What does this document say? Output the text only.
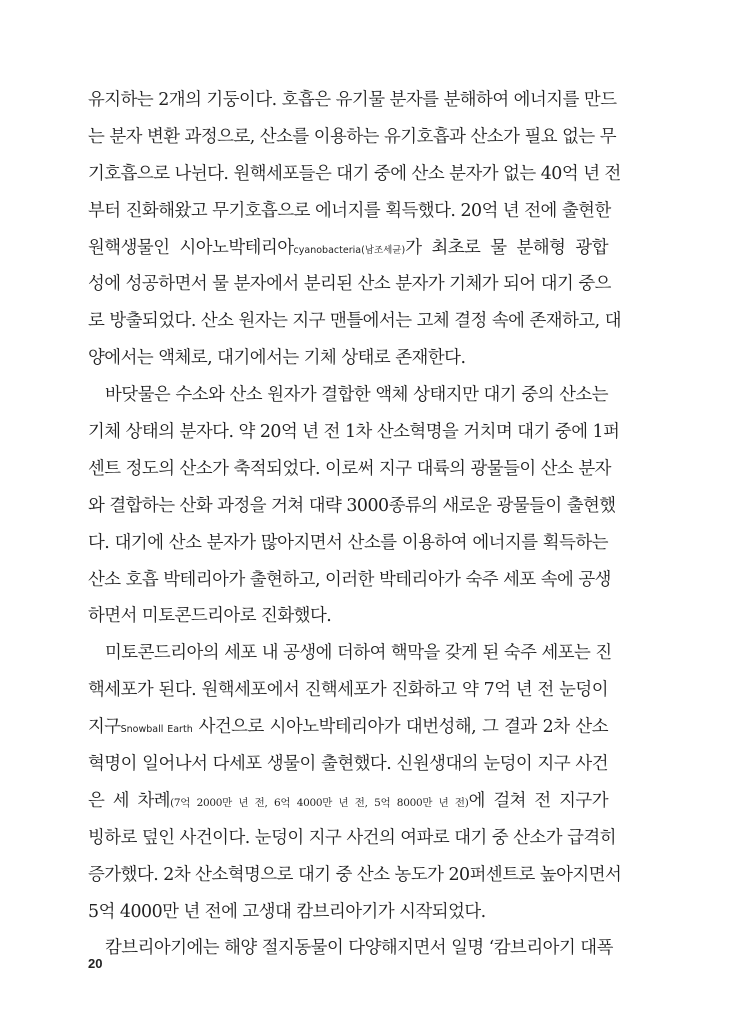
유지하는 2개의 기둥이다. 호흡은 유기물 분자를 분해하여 에너지를 만드
는 분자 변환 과정으로, 산소를 이용하는 유기호흡과 산소가 필요 없는 무
기호흡으로 나뉜다. 원핵세포들은 대기 중에 산소 분자가 없는 40억 년 전
부터 진화해왔고 무기호흡으로 에너지를 획득했다. 20억 년 전에 출현한
원핵생물인 시아노박테리아cyanobacteria(남조세균)가 최초로 물 분해형 광합
성에 성공하면서 물 분자에서 분리된 산소 분자가 기체가 되어 대기 중으
로 방출되었다. 산소 원자는 지구 맨틀에서는 고체 결정 속에 존재하고, 대
양에서는 액체로, 대기에서는 기체 상태로 존재한다.
바닷물은 수소와 산소 원자가 결합한 액체 상태지만 대기 중의 산소는
기체 상태의 분자다. 약 20억 년 전 1차 산소혁명을 거치며 대기 중에 1퍼
센트 정도의 산소가 축적되었다. 이로써 지구 대륙의 광물들이 산소 분자
와 결합하는 산화 과정을 거쳐 대략 3000종류의 새로운 광물들이 출현했
다. 대기에 산소 분자가 많아지면서 산소를 이용하여 에너지를 획득하는
산소 호흡 박테리아가 출현하고, 이러한 박테리아가 숙주 세포 속에 공생
하면서 미토콘드리아로 진화했다.
미토콘드리아의 세포 내 공생에 더하여 핵막을 갖게 된 숙주 세포는 진
핵세포가 된다. 원핵세포에서 진핵세포가 진화하고 약 7억 년 전 눈덩이
지구Snowball Earth 사건으로 시아노박테리아가 대번성해, 그 결과 2차 산소
혁명이 일어나서 다세포 생물이 출현했다. 신원생대의 눈덩이 지구 사건
은 세 차례(7억 2000만 년 전, 6억 4000만 년 전, 5억 8000만 년 전)에 걸쳐 전 지구가
빙하로 덮인 사건이다. 눈덩이 지구 사건의 여파로 대기 중 산소가 급격히
증가했다. 2차 산소혁명으로 대기 중 산소 농도가 20퍼센트로 높아지면서
5억 4000만 년 전에 고생대 캄브리아기가 시작되었다.
캄브리아기에는 해양 절지동물이 다양해지면서 일명 ‘캄브리아기 대폭
20
